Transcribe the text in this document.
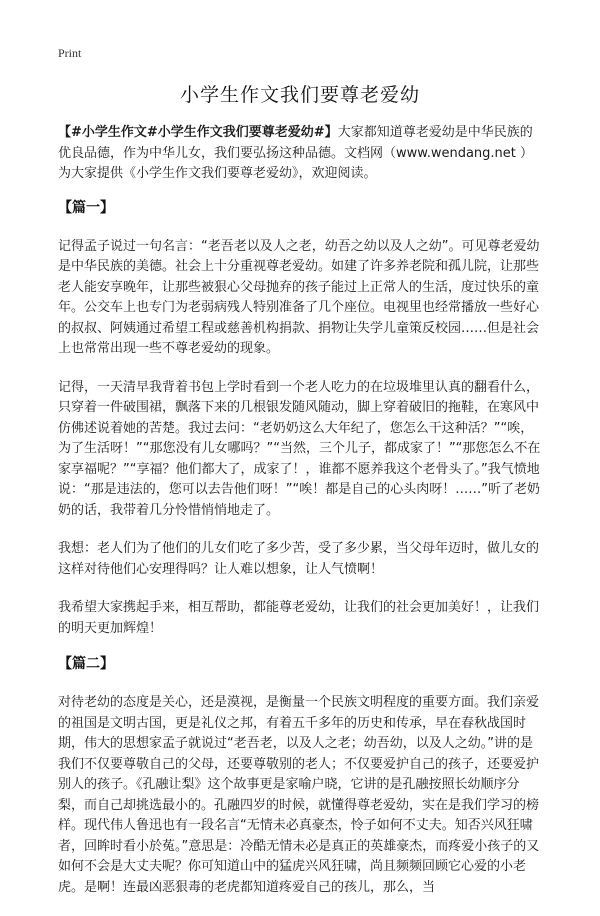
Print
小学生作文我们要尊老爱幼

【#小学生作文#小学生作文我们要尊老爱幼#】大家都知道尊老爱幼是中华民族的优良品德，作为中华儿女，我们要弘扬这种品德。文档网（www.wendang.net ）为大家提供《小学生作文我们要尊老爱幼》，欢迎阅读。

【篇一】

记得孟子说过一句名言：“老吾老以及人之老，幼吾之幼以及人之幼”。可见尊老爱幼是中华民族的美德。社会上十分重视尊老爱幼。如建了许多养老院和孤儿院，让那些老人能安享晚年，让那些被狠心父母抛弃的孩子能过上正常人的生活，度过快乐的童年。公交车上也专门为老弱病残人特别准备了几个座位。电视里也经常播放一些好心的叔叔、阿姨通过希望工程或慈善机构捐款、捐物让失学儿童策反校园……但是社会上也常常出现一些不尊老爱幼的现象。

记得，一天清早我背着书包上学时看到一个老人吃力的在垃圾堆里认真的翻看什么，只穿着一件破围裙，飘落下来的几根银发随风随动，脚上穿着破旧的拖鞋，在寒风中仿佛述说着她的苦楚。我过去问：“老奶奶这么大年纪了，您怎么干这种活？”“唉，为了生活呀！”“那您没有儿女哪吗？”“当然，三个儿子，都成家了！”“那您怎么不在家享福呢？”“享福？他们都大了，成家了！，谁都不愿养我这个老骨头了。”我气愤地说：“那是违法的，您可以去告他们呀！”“唉！都是自己的心头肉呀！……”听了老奶奶的话，我带着几分怜惜悄悄地走了。

我想：老人们为了他们的儿女们吃了多少苦，受了多少累，当父母年迈时，做儿女的这样对待他们心安理得吗？让人难以想象，让人气愤啊！

我希望大家携起手来，相互帮助，都能尊老爱幼，让我们的社会更加美好！，让我们的明天更加辉煌！

【篇二】

对待老幼的态度是关心，还是漠视，是衡量一个民族文明程度的重要方面。我们亲爱的祖国是文明古国，更是礼仪之邦，有着五千多年的历史和传承，早在春秋战国时期，伟大的思想家孟子就说过“老吾老，以及人之老；幼吾幼，以及人之幼。”讲的是我们不仅要尊敬自己的父母，还要尊敬别的老人；不仅要爱护自己的孩子，还要爱护别人的孩子。《孔融让梨》这个故事更是家喻户晓，它讲的是孔融按照长幼顺序分梨，而自己却挑选最小的。孔融四岁的时候，就懂得尊老爱幼，实在是我们学习的榜样。现代伟人鲁迅也有一段名言“无情未必真豪杰，怜子如何不丈夫。知否兴风狂啸者，回眸时看小於菟。”意思是：冷酷无情未必是真正的英雄豪杰，而疼爱小孩子的又如何不会是大丈夫呢？你可知道山中的猛虎兴风狂啸，尚且频频回顾它心爱的小老虎。是啊！连最凶恶狠毒的老虎都知道疼爱自己的孩儿，那么，当
